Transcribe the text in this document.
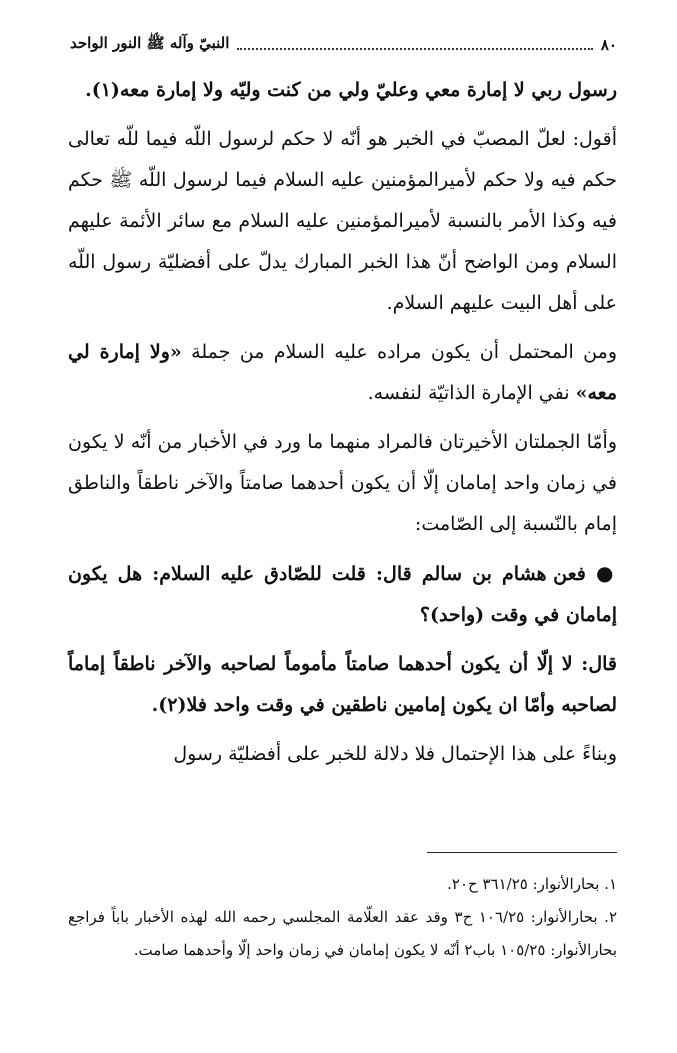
٨٠
النبيّ وآله ﷺ النور الواحد

رسول ربي لا إمارة معي وعليّ ولي من كنت وليّه ولا إمارة معه(١).

أقول: لعلّ المصبّ في الخبر هو أنّه لا حكم لرسول اللّه فيما للّه تعالى حكم فيه ولا حكم لأميرالمؤمنين عليه السلام فيما لرسول اللّه ﷺ حكم فيه وكذا الأمر بالنسبة لأميرالمؤمنين عليه السلام مع سائر الأئمة عليهم السلام ومن الواضح أنّ هذا الخبر المبارك يدلّ على أفضليّة رسول اللّه على أهل البيت عليهم السلام.

ومن المحتمل أن يكون مراده عليه السلام من جملة «ولا إمارة لي معه» نفي الإمارة الذاتيّة لنفسه.

وأمّا الجملتان الأخيرتان فالمراد منهما ما ورد في الأخبار من أنّه لا يكون في زمان واحد إمامان إلّا أن يكون أحدهما صامتاً والآخر ناطقاً والناطق إمام بالنّسبة إلى الصّامت:

● فعن هشام بن سالم قال: قلت للصّادق عليه السلام: هل يكون إمامان في وقت (واحد)؟

قال: لا إلّا أن يكون أحدهما صامتاً مأموماً لصاحبه والآخر ناطقاً إماماً لصاحبه وأمّا ان يكون إمامين ناطقين في وقت واحد فلا(٢).

وبناءً على هذا الإحتمال فلا دلالة للخبر على أفضليّة رسول

١. بحارالأنوار: ٣٦١/٢٥ ح٢٠.

٢. بحارالأنوار: ١٠٦/٢٥ ح٣ وقد عقد العلّامة المجلسي رحمه الله لهذه الأخبار باباً فراجع بحارالأنوار: ١٠٥/٢٥ باب٢ أنّه لا يكون إمامان في زمان واحد إلّا وأحدهما صامت.
